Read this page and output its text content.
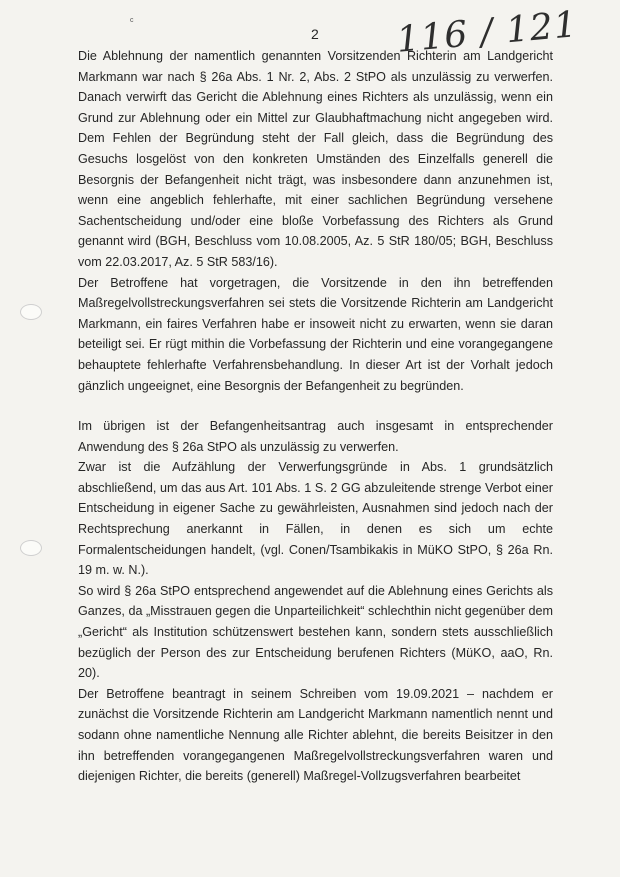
c
2 116 / 121

Die Ablehnung der namentlich genannten Vorsitzenden Richterin am Landgericht Markmann war nach § 26a Abs. 1 Nr. 2, Abs. 2 StPO als unzulässig zu verwerfen. Danach verwirft das Gericht die Ablehnung eines Richters als unzulässig, wenn ein Grund zur Ablehnung oder ein Mittel zur Glaubhaftmachung nicht angegeben wird. Dem Fehlen der Begründung steht der Fall gleich, dass die Begründung des Gesuchs losgelöst von den konkreten Umständen des Einzelfalls generell die Besorgnis der Befangenheit nicht trägt, was insbesondere dann anzunehmen ist, wenn eine angeblich fehlerhafte, mit einer sachlichen Begründung versehene Sachentscheidung und/oder eine bloße Vorbefassung des Richters als Grund genannt wird (BGH, Beschluss vom 10.08.2005, Az. 5 StR 180/05; BGH, Beschluss vom 22.03.2017, Az. 5 StR 583/16).

Der Betroffene hat vorgetragen, die Vorsitzende in den ihn betreffenden Maßregelvollstreckungsverfahren sei stets die Vorsitzende Richterin am Landgericht Markmann, ein faires Verfahren habe er insoweit nicht zu erwarten, wenn sie daran beteiligt sei. Er rügt mithin die Vorbefassung der Richterin und eine vorangegangene behauptete fehlerhafte Verfahrensbehandlung. In dieser Art ist der Vorhalt jedoch gänzlich ungeeignet, eine Besorgnis der Befangenheit zu begründen.

Im übrigen ist der Befangenheitsantrag auch insgesamt in entsprechender Anwendung des § 26a StPO als unzulässig zu verwerfen.

Zwar ist die Aufzählung der Verwerfungsgründe in Abs. 1 grundsätzlich abschließend, um das aus Art. 101 Abs. 1 S. 2 GG abzuleitende strenge Verbot einer Entscheidung in eigener Sache zu gewährleisten, Ausnahmen sind jedoch nach der Rechtsprechung anerkannt in Fällen, in denen es sich um echte Formalentscheidungen handelt, (vgl. Conen/Tsambikakis in MüKO StPO, § 26a Rn. 19 m. w. N.).

So wird § 26a StPO entsprechend angewendet auf die Ablehnung eines Gerichts als Ganzes, da „Misstrauen gegen die Unparteilichkeit“ schlechthin nicht gegenüber dem „Gericht“ als Institution schützenswert bestehen kann, sondern stets ausschließlich bezüglich der Person des zur Entscheidung berufenen Richters (MüKO, aaO, Rn. 20).

Der Betroffene beantragt in seinem Schreiben vom 19.09.2021 – nachdem er zunächst die Vorsitzende Richterin am Landgericht Markmann namentlich nennt und sodann ohne namentliche Nennung alle Richter ablehnt, die bereits Beisitzer in den ihn betreffenden vorangegangenen Maßregelvollstreckungsverfahren waren und diejenigen Richter, die bereits (generell) Maßregel-Vollzugsverfahren bearbeitet
